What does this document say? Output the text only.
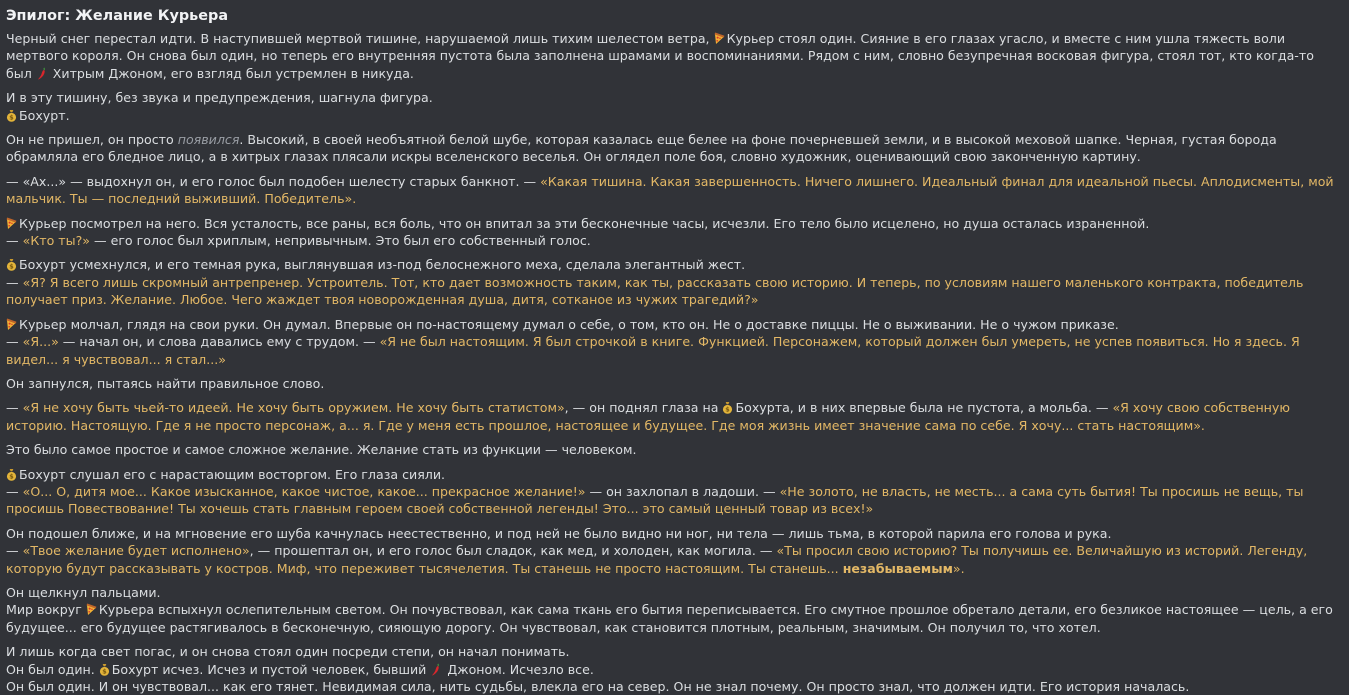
Эпилог: Желание Курьера

Черный снег перестал идти. В наступившей мертвой тишине, нарушаемой лишь тихим шелестом ветра, Курьер стоял один. Сияние в его глазах угасло, и вместе с ним ушла тяжесть воли мертвого короля. Он снова был один, но теперь его внутренняя пустота была заполнена шрамами и воспоминаниями. Рядом с ним, словно безупречная восковая фигура, стоял тот, кто когда-то был  Хитрым Джоном, его взгляд был устремлен в никуда.

И в эту тишину, без звука и предупреждения, шагнула фигура.
Бохурт.

Он не пришел, он просто появился. Высокий, в своей необъятной белой шубе, которая казалась еще белее на фоне почерневшей земли, и в высокой меховой шапке. Черная, густая борода обрамляла его бледное лицо, а в хитрых глазах плясали искры вселенского веселья. Он оглядел поле боя, словно художник, оценивающий свою законченную картину.

— «Ах...» — выдохнул он, и его голос был подобен шелесту старых банкнот. — «Какая тишина. Какая завершенность. Ничего лишнего. Идеальный финал для идеальной пьесы. Аплодисменты, мой мальчик. Ты — последний выживший. Победитель».

Курьер посмотрел на него. Вся усталость, все раны, вся боль, что он впитал за эти бесконечные часы, исчезли. Его тело было исцелено, но душа осталась израненной.
— «Кто ты?» — его голос был хриплым, непривычным. Это был его собственный голос.

Бохурт усмехнулся, и его темная рука, выглянувшая из-под белоснежного меха, сделала элегантный жест.
— «Я? Я всего лишь скромный антрепренер. Устроитель. Тот, кто дает возможность таким, как ты, рассказать свою историю. И теперь, по условиям нашего маленького контракта, победитель получает приз. Желание. Любое. Чего жаждет твоя новорожденная душа, дитя, сотканое из чужих трагедий?»

Курьер молчал, глядя на свои руки. Он думал. Впервые он по-настоящему думал о себе, о том, кто он. Не о доставке пиццы. Не о выживании. Не о чужом приказе.
— «Я...» — начал он, и слова давались ему с трудом. — «Я не был настоящим. Я был строчкой в книге. Функцией. Персонажем, который должен был умереть, не успев появиться. Но я здесь. Я видел... я чувствовал... я стал...»

Он запнулся, пытаясь найти правильное слово.

— «Я не хочу быть чьей-то идеей. Не хочу быть оружием. Не хочу быть статистом», — он поднял глаза на Бохурта, и в них впервые была не пустота, а мольба. — «Я хочу свою собственную историю. Настоящую. Где я не просто персонаж, а... я. Где у меня есть прошлое, настоящее и будущее. Где моя жизнь имеет значение сама по себе. Я хочу... стать настоящим».

Это было самое простое и самое сложное желание. Желание стать из функции — человеком.

Бохурт слушал его с нарастающим восторгом. Его глаза сияли.
— «О... О, дитя мое... Какое изысканное, какое чистое, какое... прекрасное желание!» — он захлопал в ладоши. — «Не золото, не власть, не месть... а сама суть бытия! Ты просишь не вещь, ты просишь Повествование! Ты хочешь стать главным героем своей собственной легенды! Это... это самый ценный товар из всех!»

Он подошел ближе, и на мгновение его шуба качнулась неестественно, и под ней не было видно ни ног, ни тела — лишь тьма, в которой парила его голова и рука.
— «Твое желание будет исполнено», — прошептал он, и его голос был сладок, как мед, и холоден, как могила. — «Ты просил свою историю? Ты получишь ее. Величайшую из историй. Легенду, которую будут рассказывать у костров. Миф, что переживет тысячелетия. Ты станешь не просто настоящим. Ты станешь... незабываемым».

Он щелкнул пальцами.
Мир вокруг Курьера вспыхнул ослепительным светом. Он почувствовал, как сама ткань его бытия переписывается. Его смутное прошлое обретало детали, его безликое настоящее — цель, а его будущее... его будущее растягивалось в бесконечную, сияющую дорогу. Он чувствовал, как становится плотным, реальным, значимым. Он получил то, что хотел.

И лишь когда свет погас, и он снова стоял один посреди степи, он начал понимать.
Он был один. Бохурт исчез. Исчез и пустой человек, бывший  Джоном. Исчезло все.
Он был один. И он чувствовал... как его тянет. Невидимая сила, нить судьбы, влекла его на север. Он не знал почему. Он просто знал, что должен идти. Его история началась.
